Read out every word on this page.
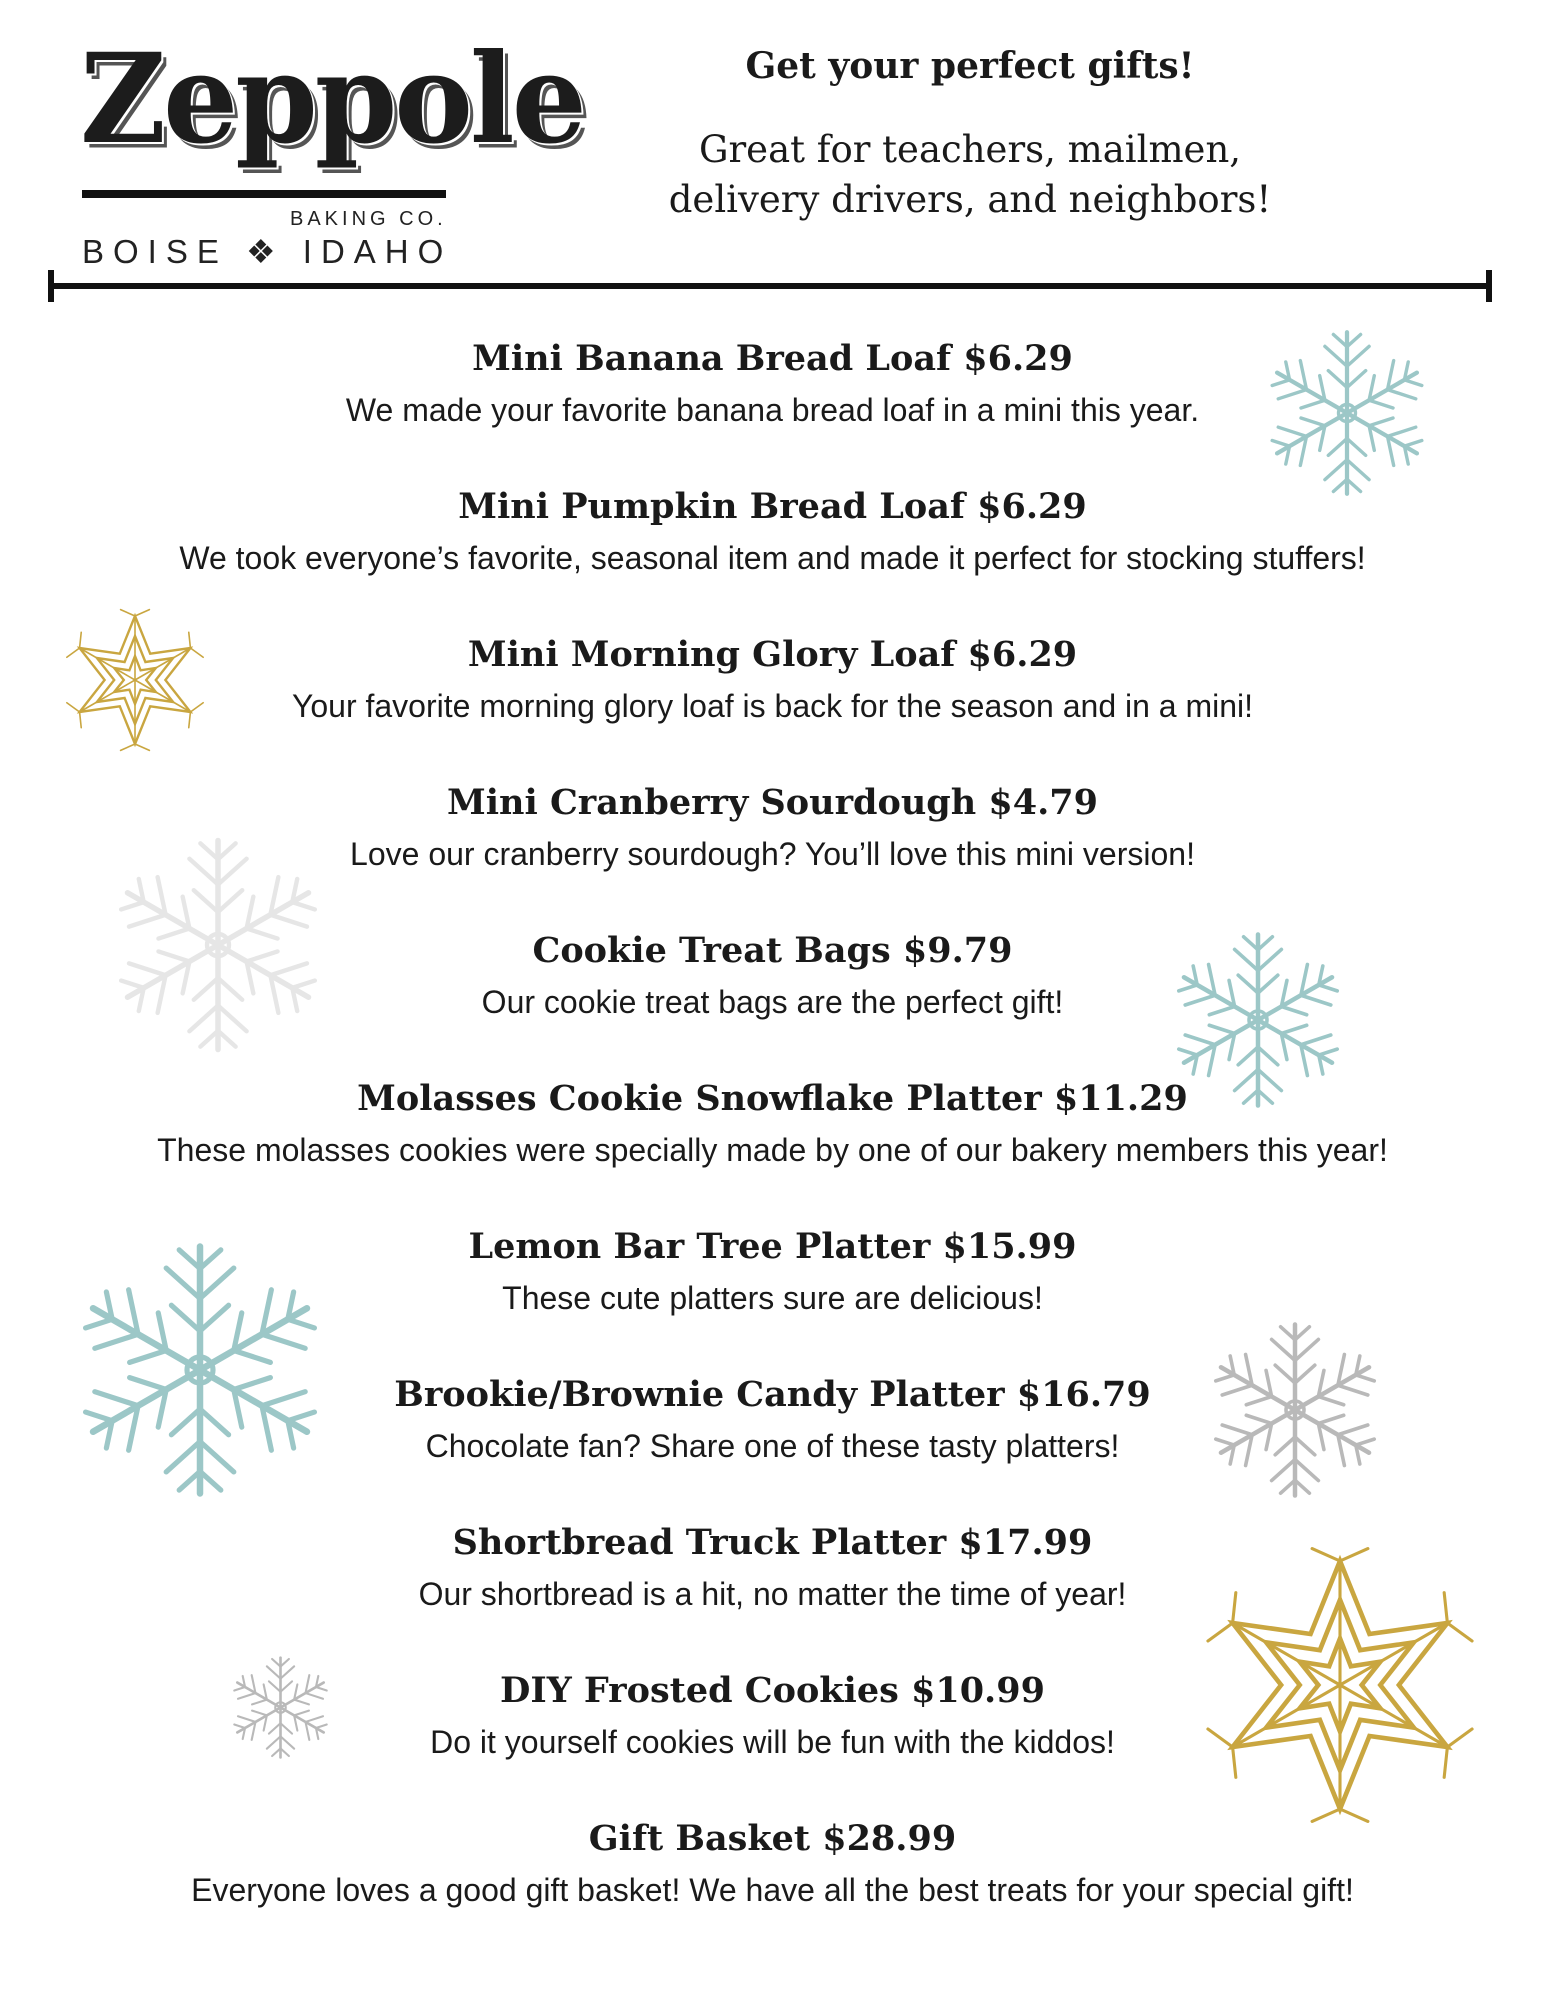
Zeppole
BAKING CO.
BOISE ❖ IDAHO

Get your perfect gifts!

Great for teachers, mailmen,
delivery drivers, and neighbors!

Mini Banana Bread Loaf $6.29

We made your favorite banana bread loaf in a mini this year.

Mini Pumpkin Bread Loaf $6.29

We took everyone’s favorite, seasonal item and made it perfect for stocking stuffers!

Mini Morning Glory Loaf $6.29

Your favorite morning glory loaf is back for the season and in a mini!

Mini Cranberry Sourdough $4.79

Love our cranberry sourdough? You’ll love this mini version!

Cookie Treat Bags $9.79

Our cookie treat bags are the perfect gift!

Molasses Cookie Snowflake Platter $11.29

These molasses cookies were specially made by one of our bakery members this year!

Lemon Bar Tree Platter $15.99

These cute platters sure are delicious!

Brookie/Brownie Candy Platter $16.79

Chocolate fan? Share one of these tasty platters!

Shortbread Truck Platter $17.99

Our shortbread is a hit, no matter the time of year!

DIY Frosted Cookies $10.99

Do it yourself cookies will be fun with the kiddos!

Gift Basket $28.99

Everyone loves a good gift basket! We have all the best treats for your special gift!
